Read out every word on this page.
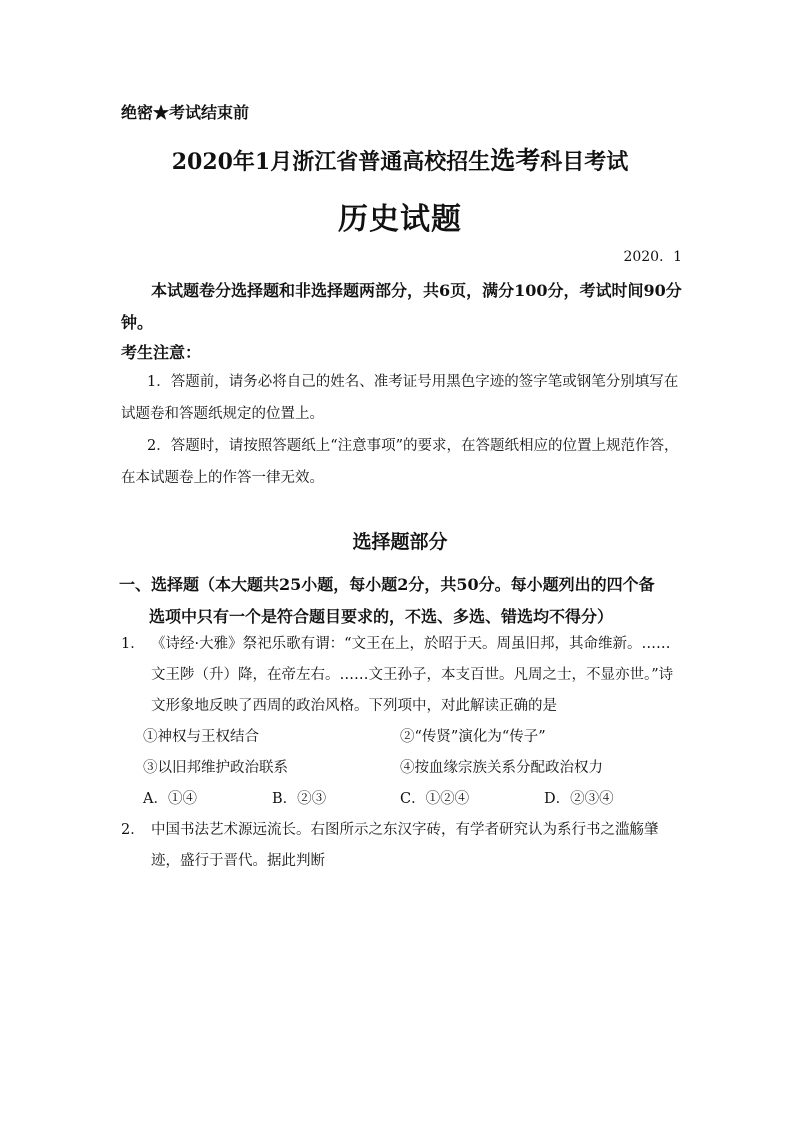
绝密★考试结束前
2020年1月浙江省普通高校招生选考科目考试
历史试题
2020．1
本试题卷分选择题和非选择题两部分，共6页，满分100分，考试时间90分钟。
考生注意：
1．答题前，请务必将自己的姓名、准考证号用黑色字迹的签字笔或钢笔分别填写在试题卷和答题纸规定的位置上。
2．答题时，请按照答题纸上“注意事项”的要求，在答题纸相应的位置上规范作答，在本试题卷上的作答一律无效。
选择题部分
一、选择题（本大题共25小题，每小题2分，共50分。每小题列出的四个备
选项中只有一个是符合题目要求的，不选、多选、错选均不得分）
1． 《诗经·大雅》祭祀乐歌有谓：“文王在上，於昭于天。周虽旧邦，其命维新。……文王陟（升）降，在帝左右。……文王孙子，本支百世。凡周之士，不显亦世。”诗文形象地反映了西周的政治风格。下列项中，对此解读正确的是
①神权与王权结合	②“传贤”演化为“传子”
③以旧邦维护政治联系	④按血缘宗族关系分配政治权力
A．①④	B．②③	C．①②④	D．②③④
2． 中国书法艺术源远流长。右图所示之东汉字砖，有学者研究认为系行书之滥觞肇迹，盛行于晋代。据此判断
